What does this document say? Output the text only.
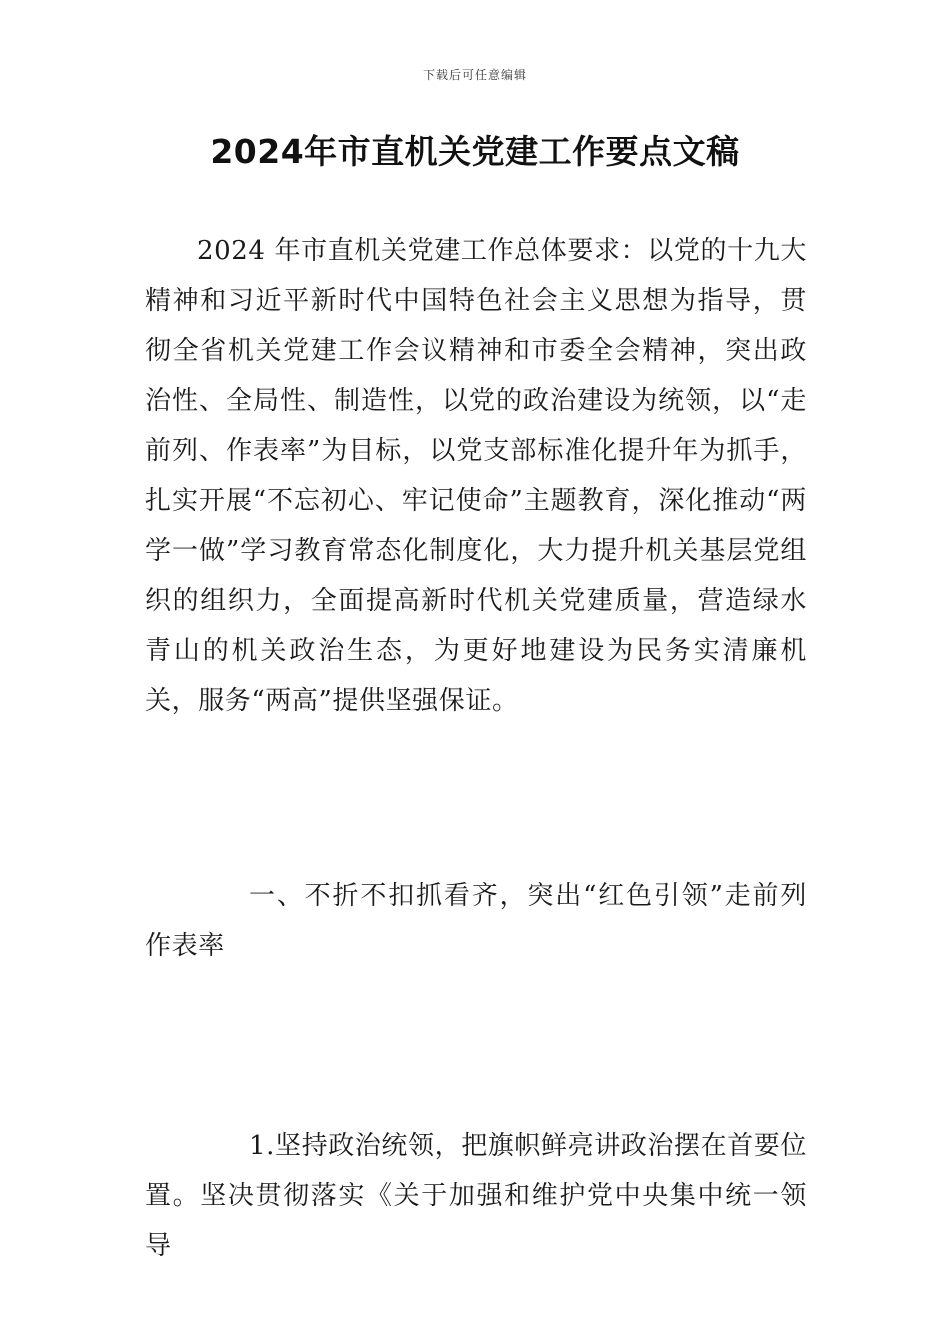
下载后可任意编辑
2024年市直机关党建工作要点文稿

2024 年市直机关党建工作总体要求：以党的十九大精神和习近平新时代中国特色社会主义思想为指导，贯彻全省机关党建工作会议精神和市委全会精神，突出政治性、全局性、制造性，以党的政治建设为统领，以“走前列、作表率”为目标，以党支部标准化提升年为抓手，扎实开展“不忘初心、牢记使命”主题教育，深化推动“两学一做”学习教育常态化制度化，大力提升机关基层党组织的组织力，全面提高新时代机关党建质量，营造绿水青山的机关政治生态，为更好地建设为民务实清廉机关，服务“两高”提供坚强保证。

一、不折不扣抓看齐，突出“红色引领”走前列作表率

1.坚持政治统领，把旗帜鲜亮讲政治摆在首要位置。坚决贯彻落实《关于加强和维护党中央集中统一领导
